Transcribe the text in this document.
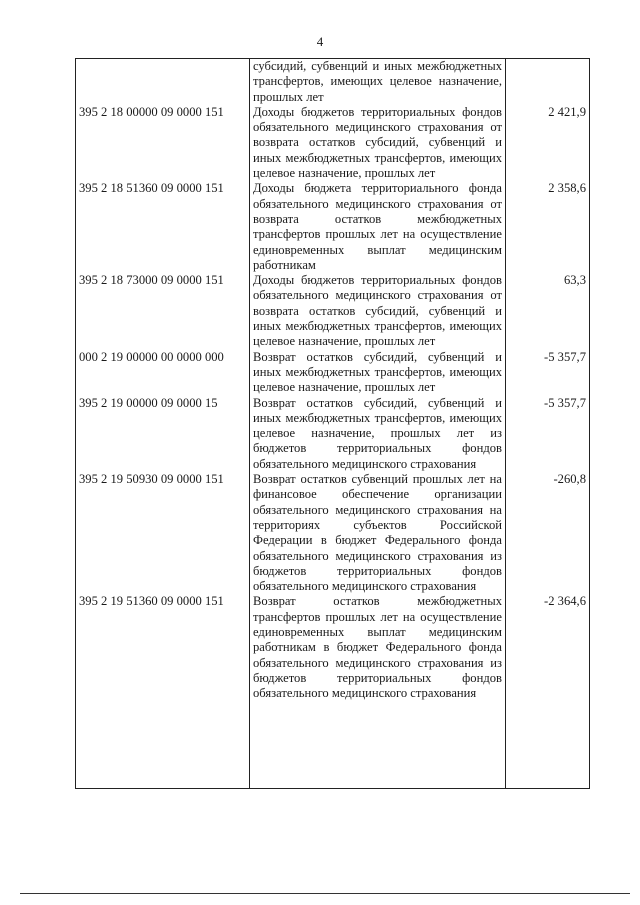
4
	субсидий, субвенций и иных межбюджетных трансфертов, имеющих целевое назначение, прошлых лет	
395 2 18 00000 09 0000 151	Доходы бюджетов территориальных фондов обязательного медицинского страхования от возврата остатков субсидий, субвенций и иных межбюджетных трансфертов, имеющих целевое назначение, прошлых лет	2 421,9
395 2 18 51360 09 0000 151	Доходы бюджета территориального фонда обязательного медицинского страхования от возврата остатков межбюджетных трансфертов прошлых лет на осуществление единовременных выплат медицинским работникам	2 358,6
395 2 18 73000 09 0000 151	Доходы бюджетов территориальных фондов обязательного медицинского страхования от возврата остатков субсидий, субвенций и иных межбюджетных трансфертов, имеющих целевое назначение, прошлых лет	63,3
000 2 19 00000 00 0000 000	Возврат остатков субсидий, субвенций и иных межбюджетных трансфертов, имеющих целевое назначение, прошлых лет	-5 357,7
395 2 19 00000 09 0000 15	Возврат остатков субсидий, субвенций и иных межбюджетных трансфертов, имеющих целевое назначение, прошлых лет из бюджетов территориальных фондов обязательного медицинского страхования	-5 357,7
395 2 19 50930 09 0000 151	Возврат остатков субвенций прошлых лет на финансовое обеспечение организации обязательного медицинского страхования на территориях субъектов Российской Федерации в бюджет Федерального фонда обязательного медицинского страхования из бюджетов территориальных фондов обязательного медицинского страхования	-260,8
395 2 19 51360 09 0000 151	Возврат остатков межбюджетных трансфертов прошлых лет на осуществление единовременных выплат медицинским работникам в бюджет Федерального фонда обязательного медицинского страхования из бюджетов территориальных фондов обязательного медицинского страхования	-2 364,6
